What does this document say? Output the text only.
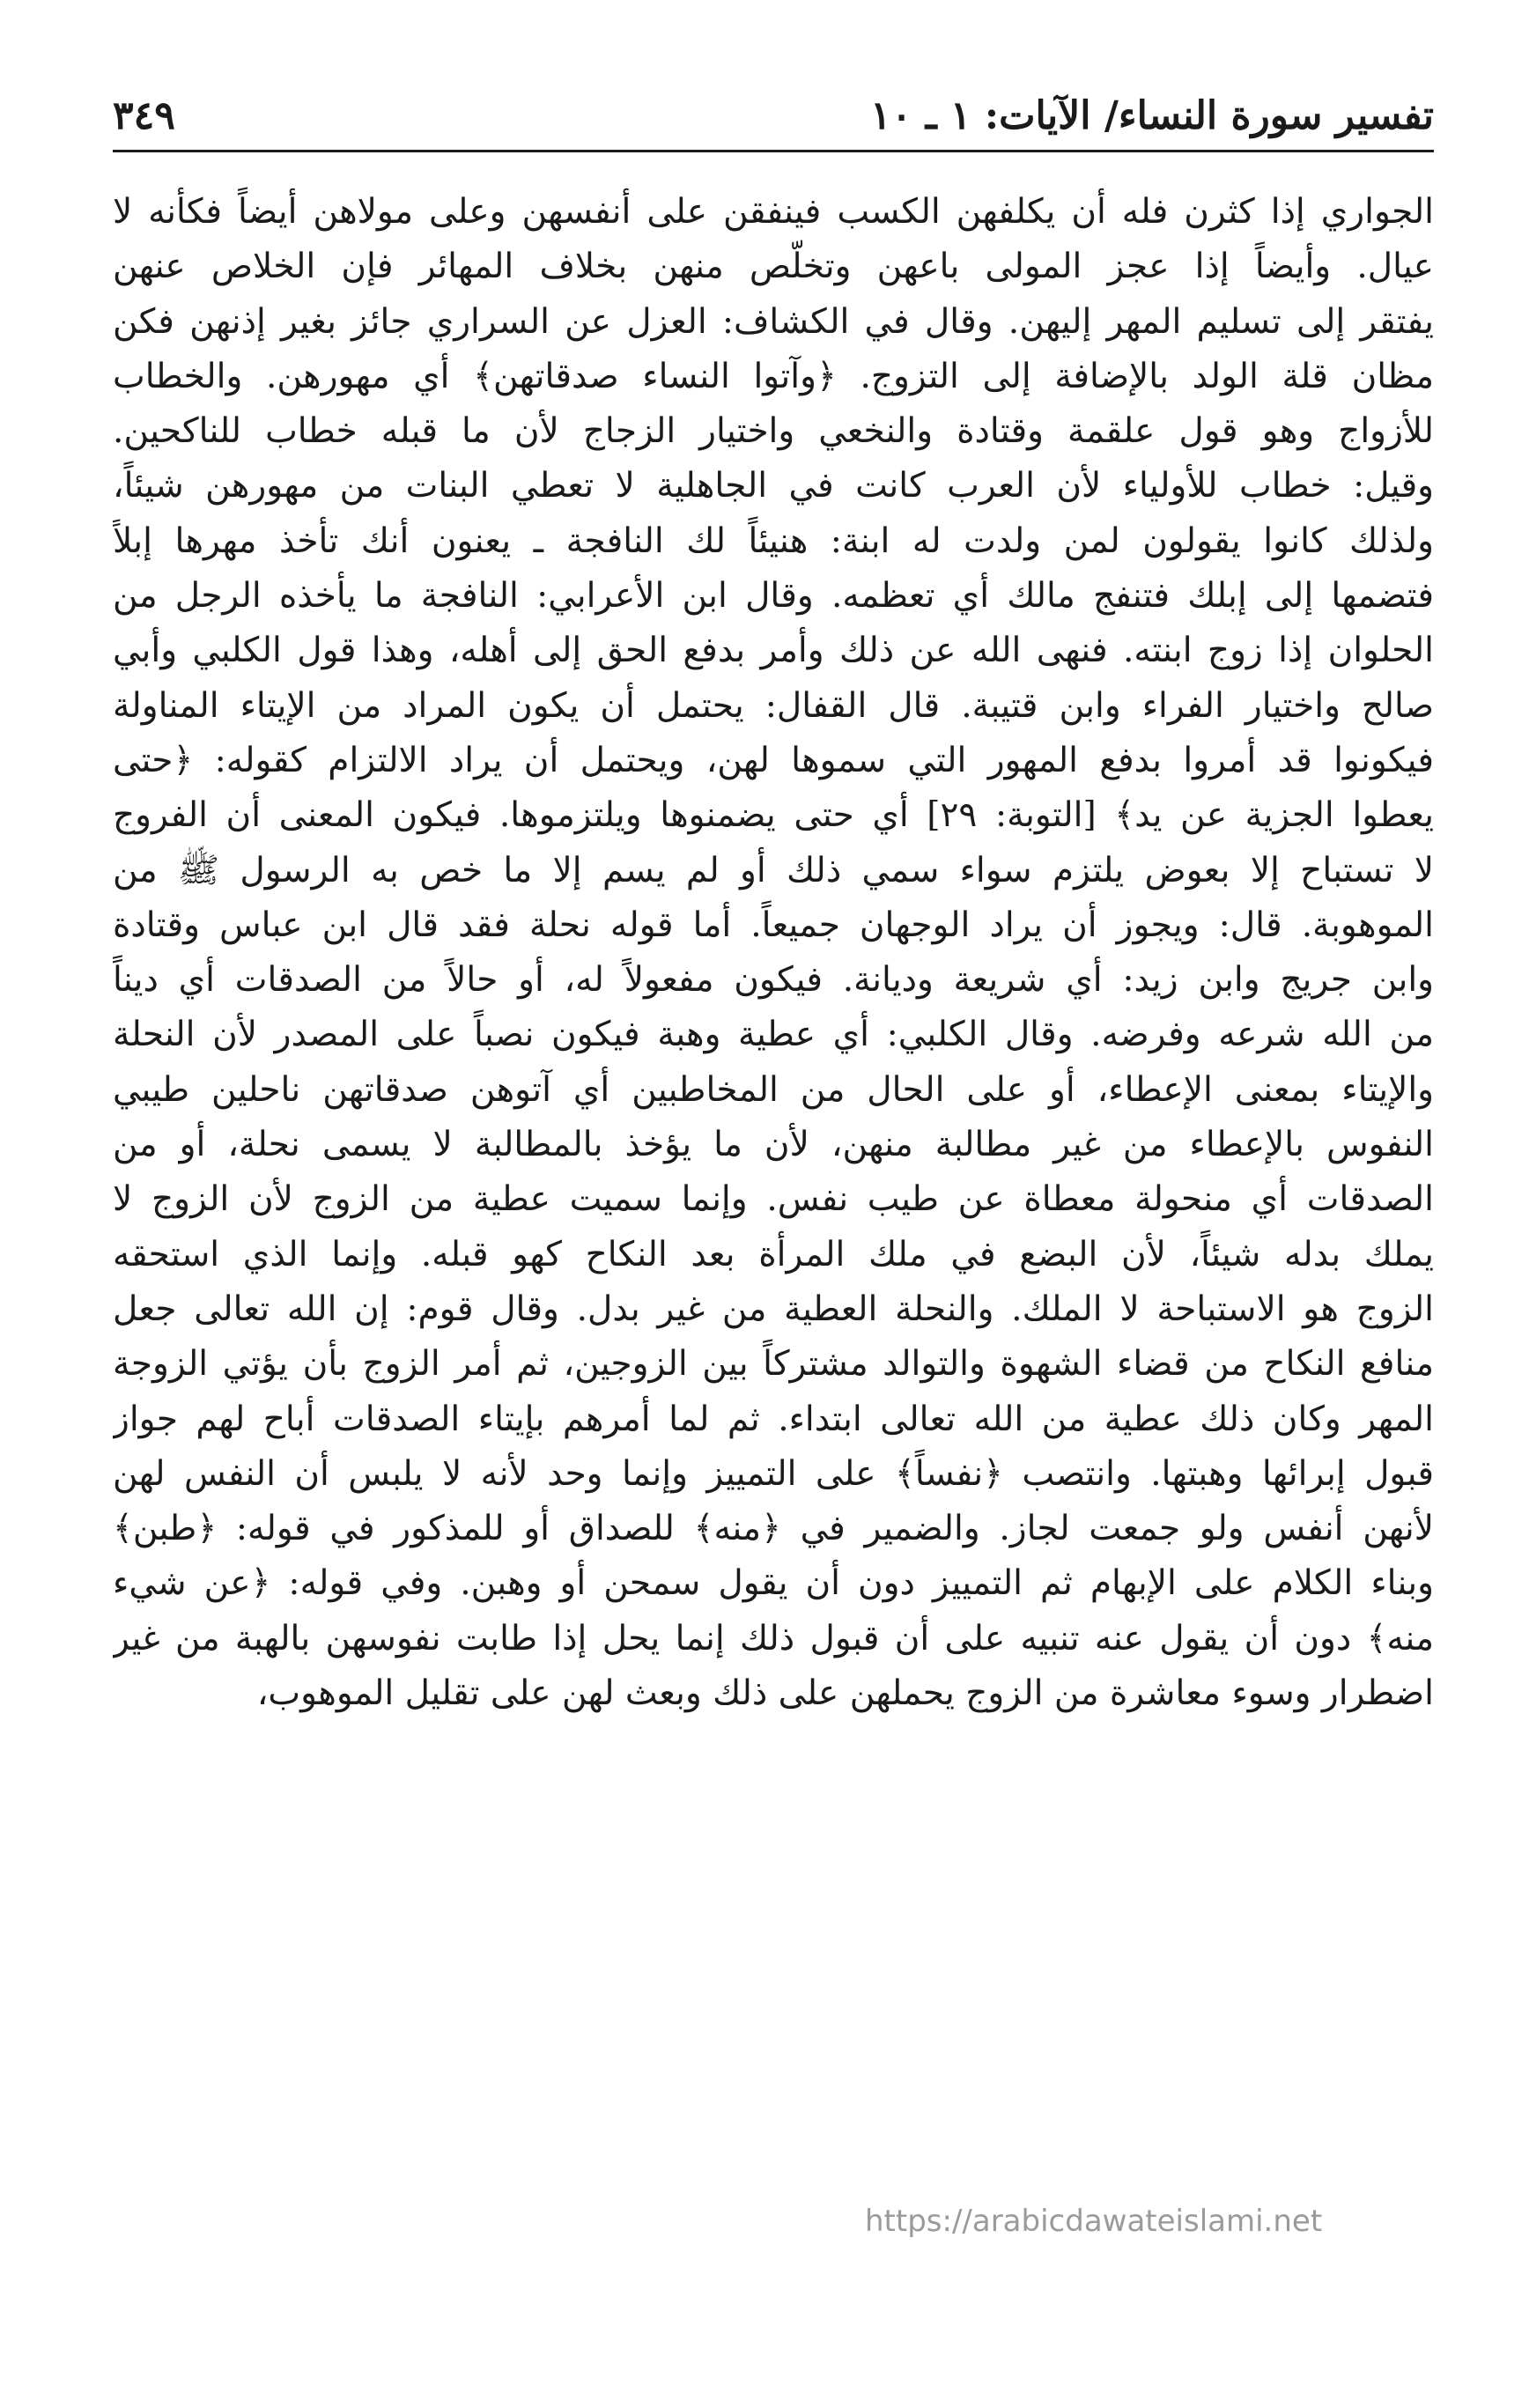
تفسير سورة النساء/ الآيات: ١ ـ ١٠
٣٤٩
الجواري إذا كثرن فله أن يكلفهن الكسب فينفقن على أنفسهن وعلى مولاهن أيضاً فكأنه لا
عيال. وأيضاً إذا عجز المولى باعهن وتخلّص منهن بخلاف المهائر فإن الخلاص عنهن
يفتقر إلى تسليم المهر إليهن. وقال في الكشاف: العزل عن السراري جائز بغير إذنهن فكن
مظان قلة الولد بالإضافة إلى التزوج. ﴿وآتوا النساء صدقاتهن﴾ أي مهورهن. والخطاب
للأزواج وهو قول علقمة وقتادة والنخعي واختيار الزجاج لأن ما قبله خطاب للناكحين.
وقيل: خطاب للأولياء لأن العرب كانت في الجاهلية لا تعطي البنات من مهورهن شيئاً،
ولذلك كانوا يقولون لمن ولدت له ابنة: هنيئاً لك النافجة ـ يعنون أنك تأخذ مهرها إبلاً
فتضمها إلى إبلك فتنفج مالك أي تعظمه. وقال ابن الأعرابي: النافجة ما يأخذه الرجل من
الحلوان إذا زوج ابنته. فنهى الله عن ذلك وأمر بدفع الحق إلى أهله، وهذا قول الكلبي وأبي
صالح واختيار الفراء وابن قتيبة. قال القفال: يحتمل أن يكون المراد من الإيتاء المناولة
فيكونوا قد أمروا بدفع المهور التي سموها لهن، ويحتمل أن يراد الالتزام كقوله: ﴿حتى
يعطوا الجزية عن يد﴾ [التوبة: ٢٩] أي حتى يضمنوها ويلتزموها. فيكون المعنى أن الفروج
لا تستباح إلا بعوض يلتزم سواء سمي ذلك أو لم يسم إلا ما خص به الرسول ﷺ من
الموهوبة. قال: ويجوز أن يراد الوجهان جميعاً. أما قوله نحلة فقد قال ابن عباس وقتادة
وابن جريج وابن زيد: أي شريعة وديانة. فيكون مفعولاً له، أو حالاً من الصدقات أي ديناً
من الله شرعه وفرضه. وقال الكلبي: أي عطية وهبة فيكون نصباً على المصدر لأن النحلة
والإيتاء بمعنى الإعطاء، أو على الحال من المخاطبين أي آتوهن صدقاتهن ناحلين طيبي
النفوس بالإعطاء من غير مطالبة منهن، لأن ما يؤخذ بالمطالبة لا يسمى نحلة، أو من
الصدقات أي منحولة معطاة عن طيب نفس. وإنما سميت عطية من الزوج لأن الزوج لا
يملك بدله شيئاً، لأن البضع في ملك المرأة بعد النكاح كهو قبله. وإنما الذي استحقه
الزوج هو الاستباحة لا الملك. والنحلة العطية من غير بدل. وقال قوم: إن الله تعالى جعل
منافع النكاح من قضاء الشهوة والتوالد مشتركاً بين الزوجين، ثم أمر الزوج بأن يؤتي الزوجة
المهر وكان ذلك عطية من الله تعالى ابتداء. ثم لما أمرهم بإيتاء الصدقات أباح لهم جواز
قبول إبرائها وهبتها. وانتصب ﴿نفساً﴾ على التمييز وإنما وحد لأنه لا يلبس أن النفس لهن
لأنهن أنفس ولو جمعت لجاز. والضمير في ﴿منه﴾ للصداق أو للمذكور في قوله: ﴿طبن﴾
وبناء الكلام على الإبهام ثم التمييز دون أن يقول سمحن أو وهبن. وفي قوله: ﴿عن شيء
منه﴾ دون أن يقول عنه تنبيه على أن قبول ذلك إنما يحل إذا طابت نفوسهن بالهبة من غير
اضطرار وسوء معاشرة من الزوج يحملهن على ذلك وبعث لهن على تقليل الموهوب،
https://arabicdawateislami.net
